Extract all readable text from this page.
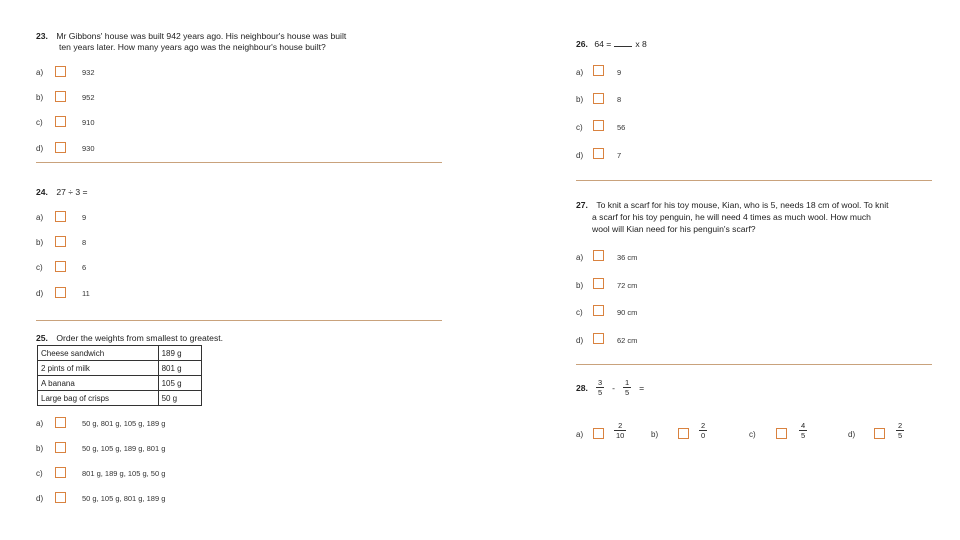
23. Mr Gibbons' house was built 942 years ago. His neighbour's house was built
ten years later. How many years ago was the neighbour's house built?
a)	932
b)	952
c)	910
d)	930
24. 27 ÷ 3 =
a)	9
b)	8
c)	6
d)	11
25. Order the weights from smallest to greatest.
Cheese sandwich	189 g
2 pints of milk	801 g
A banana	105 g
Large bag of crisps	50 g
a)	50 g, 801 g, 105 g, 189 g
b)	50 g, 105 g, 189 g, 801 g
c)	801 g, 189 g, 105 g, 50 g
d)	50 g, 105 g, 801 g, 189 g
26. 64 =	x 8
a)	9
b)	8
c)	56
d)	7
27. To knit a scarf for his toy mouse, Kian, who is 5, needs 18 cm of wool. To knit
a scarf for his toy penguin, he will need 4 times as much wool. How much
wool will Kian need for his penguin's scarf?
a)	36 cm
b)	72 cm
c)	90 cm
d)	62 cm
28. $\frac{3}{5} - \frac{1}{5}$ =
a)	$\frac{2}{10}$	b)	$\frac{2}{0}$	c)	$\frac{4}{5}$	d)	$\frac{2}{5}$
